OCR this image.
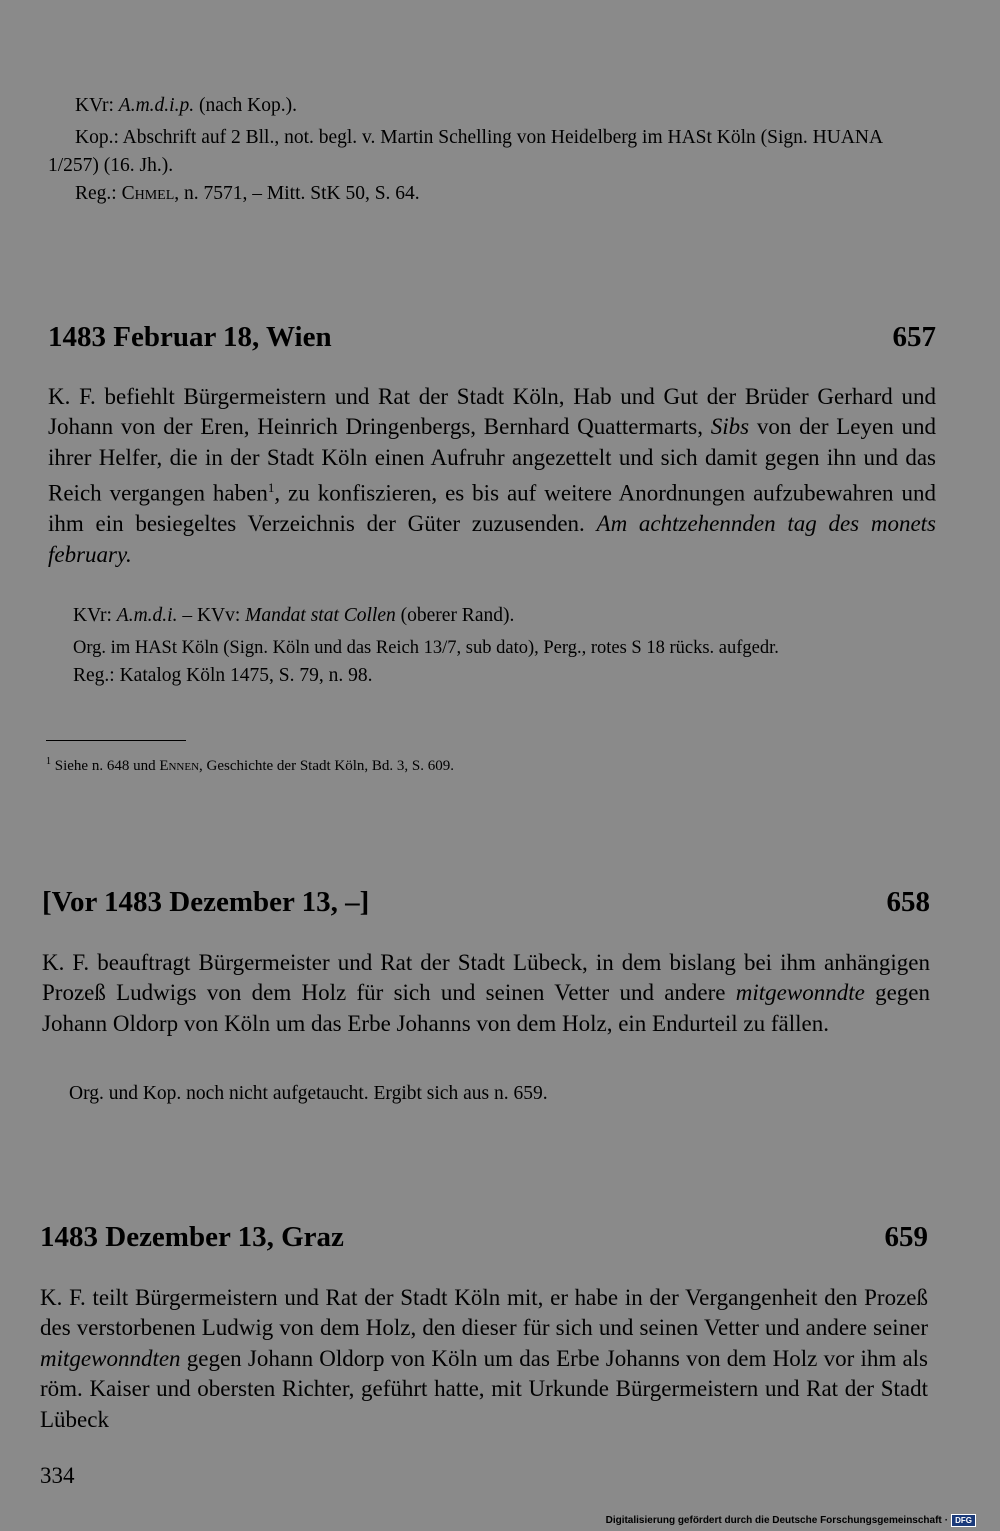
KVr: A.m.d.i.p. (nach Kop.).

Kop.: Abschrift auf 2 Bll., not. begl. v. Martin Schelling von Heidelberg im HASt Köln (Sign. HUANA 1/257) (16. Jh.).

Reg.: Chmel, n. 7571, – Mitt. StK 50, S. 64.

1483 Februar 18, Wien	657

K. F. befiehlt Bürgermeistern und Rat der Stadt Köln, Hab und Gut der Brüder Gerhard und Johann von der Eren, Heinrich Dringenbergs, Bernhard Quattermarts, Sibs von der Leyen und ihrer Helfer, die in der Stadt Köln einen Aufruhr angezettelt und sich damit gegen ihn und das Reich vergangen haben$^1$, zu konfiszieren, es bis auf weitere Anordnungen aufzubewahren und ihm ein besiegeltes Verzeichnis der Güter zuzusenden. Am achtzehennden tag des monets february.

KVr: A.m.d.i. – KVv: Mandat stat Collen (oberer Rand).

Org. im HASt Köln (Sign. Köln und das Reich 13/7, sub dato), Perg., rotes S 18 rücks. aufgedr.

Reg.: Katalog Köln 1475, S. 79, n. 98.

$^1$ Siehe n. 648 und Ennen, Geschichte der Stadt Köln, Bd. 3, S. 609.
[Vor 1483 Dezember 13, –]	658

K. F. beauftragt Bürgermeister und Rat der Stadt Lübeck, in dem bislang bei ihm anhängigen Prozeß Ludwigs von dem Holz für sich und seinen Vetter und andere mitgewonndte gegen Johann Oldorp von Köln um das Erbe Johanns von dem Holz, ein Endurteil zu fällen.

Org. und Kop. noch nicht aufgetaucht. Ergibt sich aus n. 659.

1483 Dezember 13, Graz	659

K. F. teilt Bürgermeistern und Rat der Stadt Köln mit, er habe in der Vergangenheit den Prozeß des verstorbenen Ludwig von dem Holz, den dieser für sich und seinen Vetter und andere seiner mitgewonndten gegen Johann Oldorp von Köln um das Erbe Johanns von dem Holz vor ihm als röm. Kaiser und obersten Richter, geführt hatte, mit Urkunde Bürgermeistern und Rat der Stadt Lübeck

334
Digitalisierung gefördert durch die Deutsche Forschungsgemeinschaft · DFG
